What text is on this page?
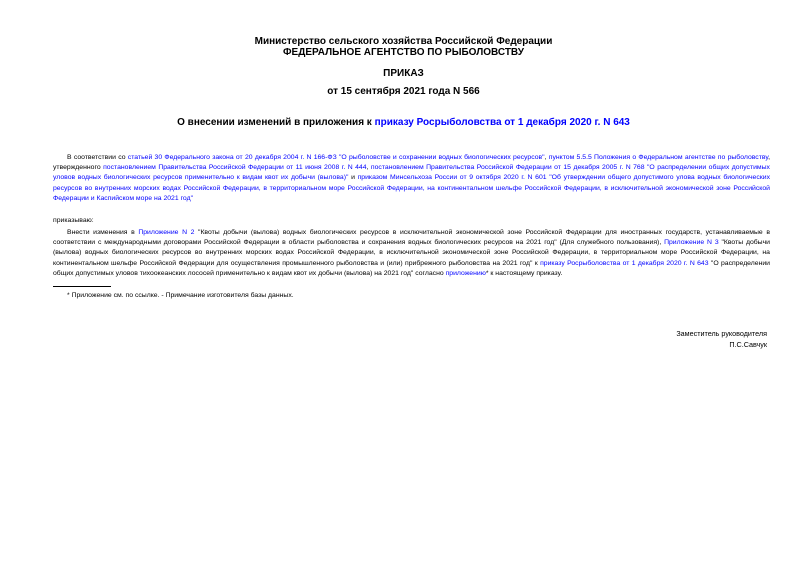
Министерство сельского хозяйства Российской Федерации
ФЕДЕРАЛЬНОЕ АГЕНТСТВО ПО РЫБОЛОВСТВУ
ПРИКАЗ
от 15 сентября 2021 года N 566
О внесении изменений в приложения к приказу Росрыболовства от 1 декабря 2020 г. N 643
В соответствии со статьей 30 Федерального закона от 20 декабря 2004 г. N 166-ФЗ "О рыболовстве и сохранении водных биологических ресурсов", пунктом 5.5.5 Положения о Федеральном агентстве по рыболовству, утвержденного постановлением Правительства Российской Федерации от 11 июня 2008 г. N 444, постановлением Правительства Российской Федерации от 15 декабря 2005 г. N 768 "О распределении общих допустимых уловов водных биологических ресурсов применительно к видам квот их добычи (вылова)" и приказом Минсельхоза России от 9 октября 2020 г. N 601 "Об утверждении общего допустимого улова водных биологических ресурсов во внутренних морских водах Российской Федерации, в территориальном море Российской Федерации, на континентальном шельфе Российской Федерации, в исключительной экономической зоне Российской Федерации и Каспийском море на 2021 год"
приказываю:
Внести изменения в Приложение N 2 "Квоты добычи (вылова) водных биологических ресурсов в исключительной экономической зоне Российской Федерации для иностранных государств, устанавливаемые в соответствии с международными договорами Российской Федерации в области рыболовства и сохранения водных биологических ресурсов на 2021 год" (Для служебного пользования), Приложение N 3 "Квоты добычи (вылова) водных биологических ресурсов во внутренних морских водах Российской Федерации, в исключительной экономической зоне Российской Федерации, в территориальном море Российской Федерации, на континентальном шельфе Российской Федерации для осуществления промышленного рыболовства и (или) прибрежного рыболовства на 2021 год" к приказу Росрыболовства от 1 декабря 2020 г. N 643 "О распределении общих допустимых уловов тихоокеанских лососей применительно к видам квот их добычи (вылова) на 2021 год" согласно приложению* к настоящему приказу.
* Приложение см. по ссылке. - Примечание изготовителя базы данных.
Заместитель руководителя
П.С.Савчук
